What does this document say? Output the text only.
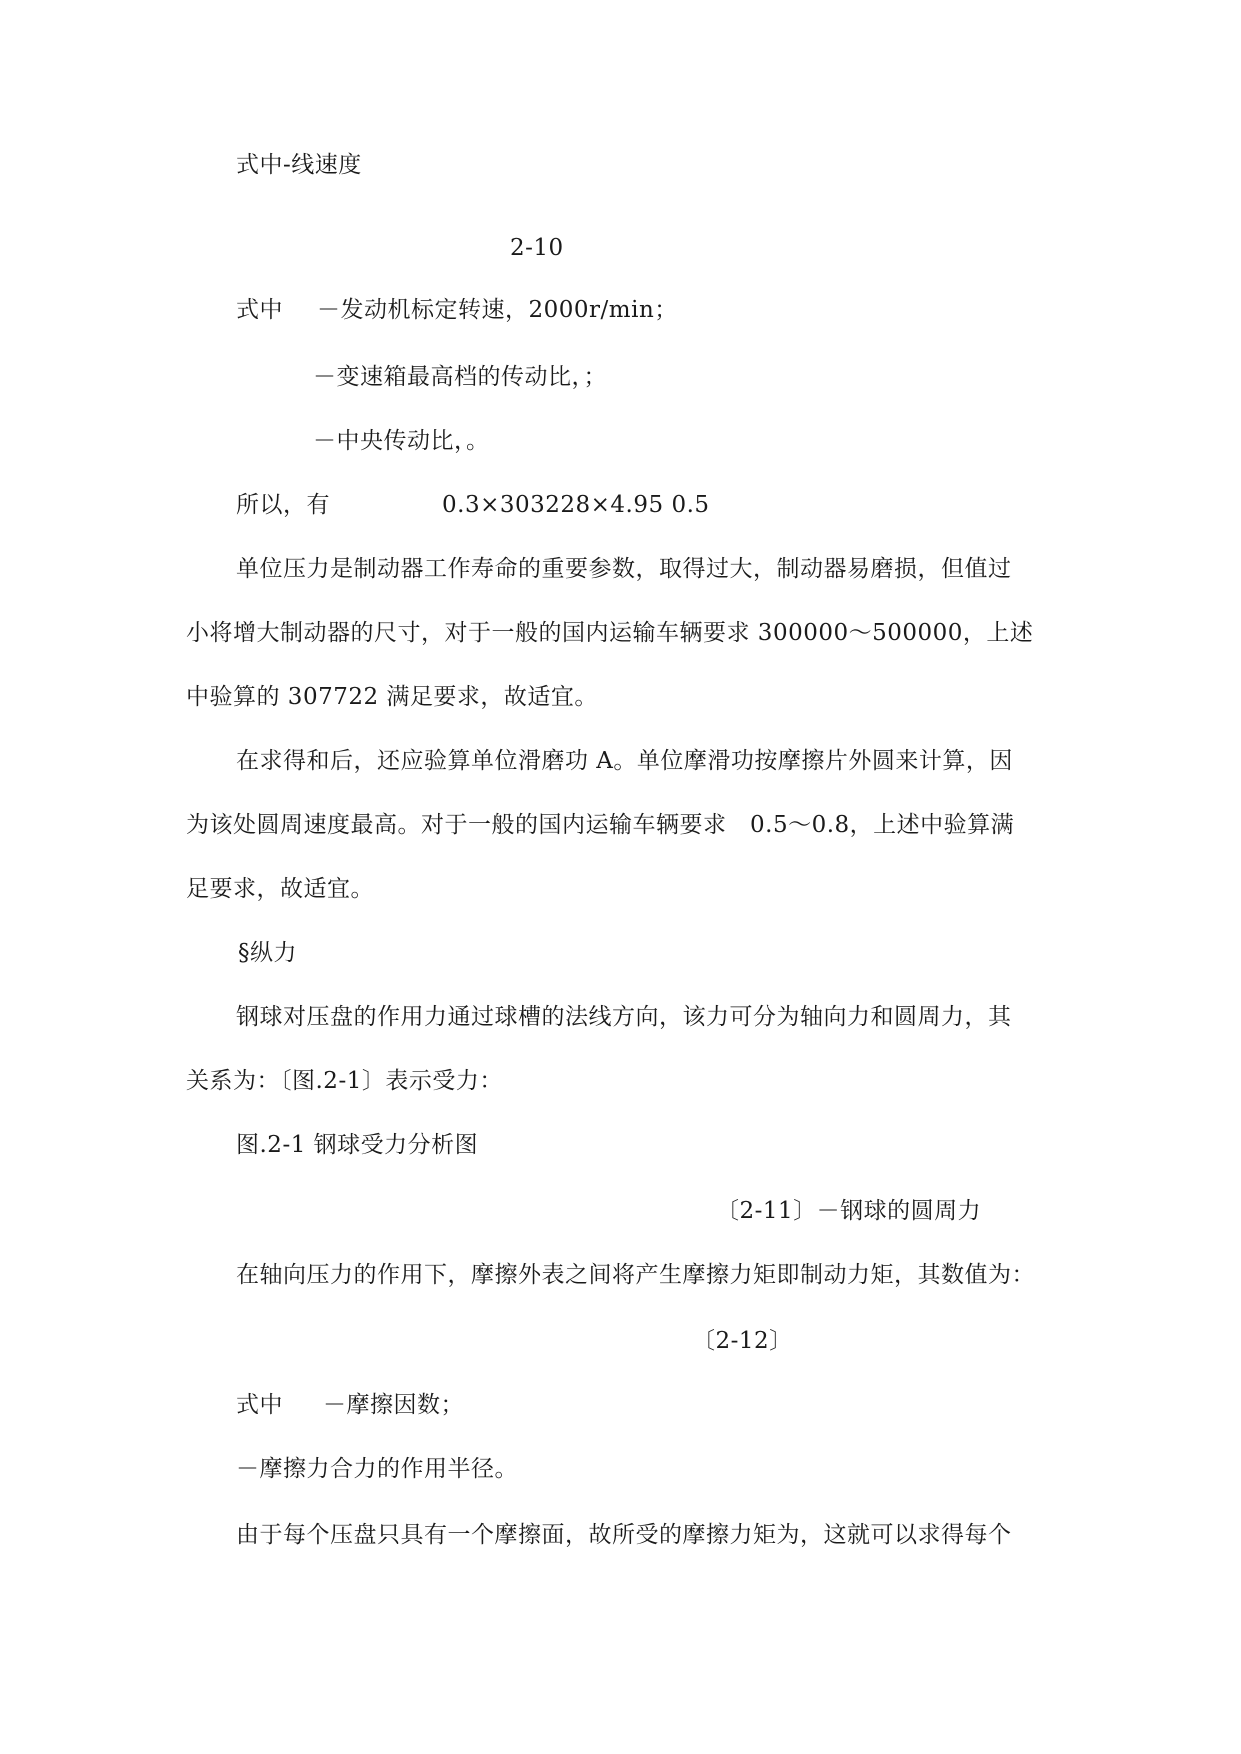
式中-线速度
2-10
式中 －发动机标定转速，2000r/min；
－变速箱最高档的传动比，；
－中央传动比，。
所以，有	0.3×303228×4.95 0.5
单位压力是制动器工作寿命的重要参数，取得过大，制动器易磨损，但值过
小将增大制动器的尺寸，对于一般的国内运输车辆要求 300000～500000，上述
中验算的 307722 满足要求，故适宜。
在求得和后，还应验算单位滑磨功 A。单位摩滑功按摩擦片外圆来计算，因
为该处圆周速度最高。对于一般的国内运输车辆要求　0.5～0.8，上述中验算满
足要求，故适宜。
§纵力
钢球对压盘的作用力通过球槽的法线方向，该力可分为轴向力和圆周力，其
关系为：〔图.2-1〕表示受力：
图.2-1 钢球受力分析图
〔2-11〕－钢球的圆周力
在轴向压力的作用下，摩擦外表之间将产生摩擦力矩即制动力矩，其数值为：
〔2-12〕
式中 －摩擦因数；
－摩擦力合力的作用半径。
由于每个压盘只具有一个摩擦面，故所受的摩擦力矩为，这就可以求得每个
